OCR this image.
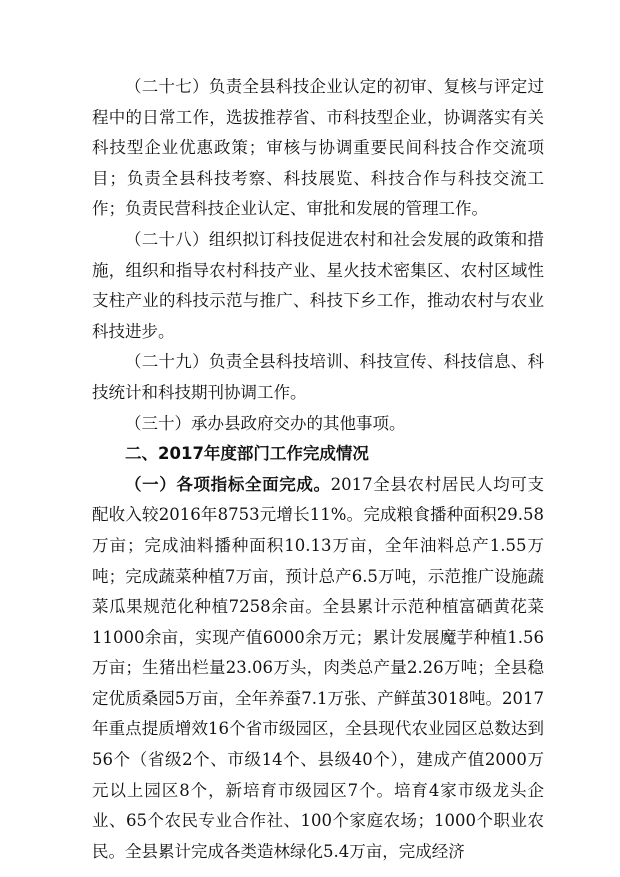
（二十七）负责全县科技企业认定的初审、复核与评定过程中的日常工作，选拔推荐省、市科技型企业，协调落实有关科技型企业优惠政策；审核与协调重要民间科技合作交流项目；负责全县科技考察、科技展览、科技合作与科技交流工作；负责民营科技企业认定、审批和发展的管理工作。

（二十八）组织拟订科技促进农村和社会发展的政策和措施，组织和指导农村科技产业、星火技术密集区、农村区域性支柱产业的科技示范与推广、科技下乡工作，推动农村与农业科技进步。

（二十九）负责全县科技培训、科技宣传、科技信息、科技统计和科技期刊协调工作。

（三十）承办县政府交办的其他事项。

二、2017年度部门工作完成情况

（一）各项指标全面完成。2017全县农村居民人均可支配收入较2016年8753元增长11%。完成粮食播种面积29.58万亩；完成油料播种面积10.13万亩，全年油料总产1.55万吨；完成蔬菜种植7万亩，预计总产6.5万吨，示范推广设施蔬菜瓜果规范化种植7258余亩。全县累计示范种植富硒黄花菜11000余亩，实现产值6000余万元；累计发展魔芋种植1.56万亩；生猪出栏量23.06万头，肉类总产量2.26万吨；全县稳定优质桑园5万亩，全年养蚕7.1万张、产鲜茧3018吨。2017年重点提质增效16个省市级园区，全县现代农业园区总数达到56个（省级2个、市级14个、县级40个），建成产值2000万元以上园区8个，新培育市级园区7个。培育4家市级龙头企业、65个农民专业合作社、100个家庭农场；1000个职业农民。全县累计完成各类造林绿化5.4万亩，完成经济
